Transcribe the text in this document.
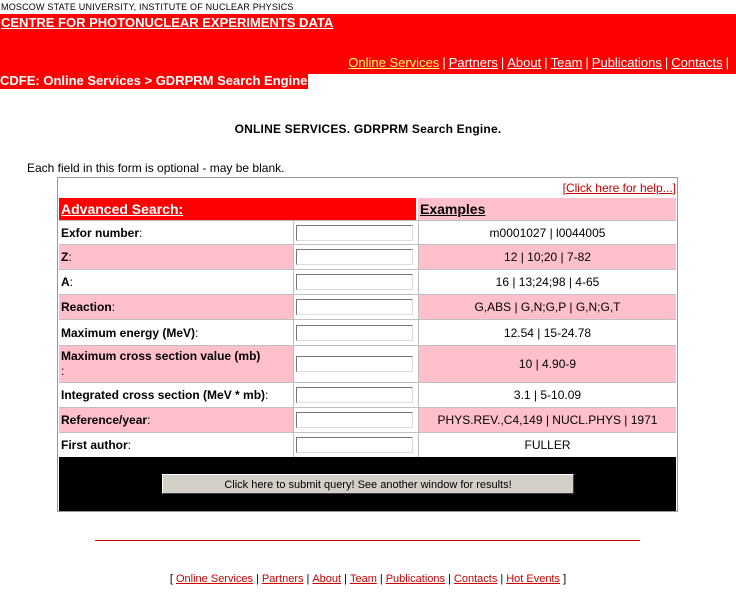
MOSCOW STATE UNIVERSITY, INSTITUTE OF NUCLEAR PHYSICS
CENTRE FOR PHOTONUCLEAR EXPERIMENTS DATA
Online Services | Partners | About | Team | Publications | Contacts |
CDFE: Online Services > GDRPRM Search Engine
ONLINE SERVICES. GDRPRM Search Engine.
Each field in this form is optional - may be blank.
[Click here for help...]
Advanced Search:	Examples
Exfor number :	m0001027 | l0044005
Z :	12 | 10;20 | 7-82
A :	16 | 13;24;98 | 4-65
Reaction :	G,ABS | G,N;G,P | G,N;G,T
Maximum energy (MeV) :	12.54 | 15-24.78
Maximum cross section value (mb) :	10 | 4.90-9
Integrated cross section (MeV * mb) :	3.1 | 5-10.09
Reference/year :	PHYS.REV.,C4,149 | NUCL.PHYS | 1971
First author :	FULLER
Click here to submit query! See another window for results!
[ Online Services | Partners | About | Team | Publications | Contacts | Hot Events ]
